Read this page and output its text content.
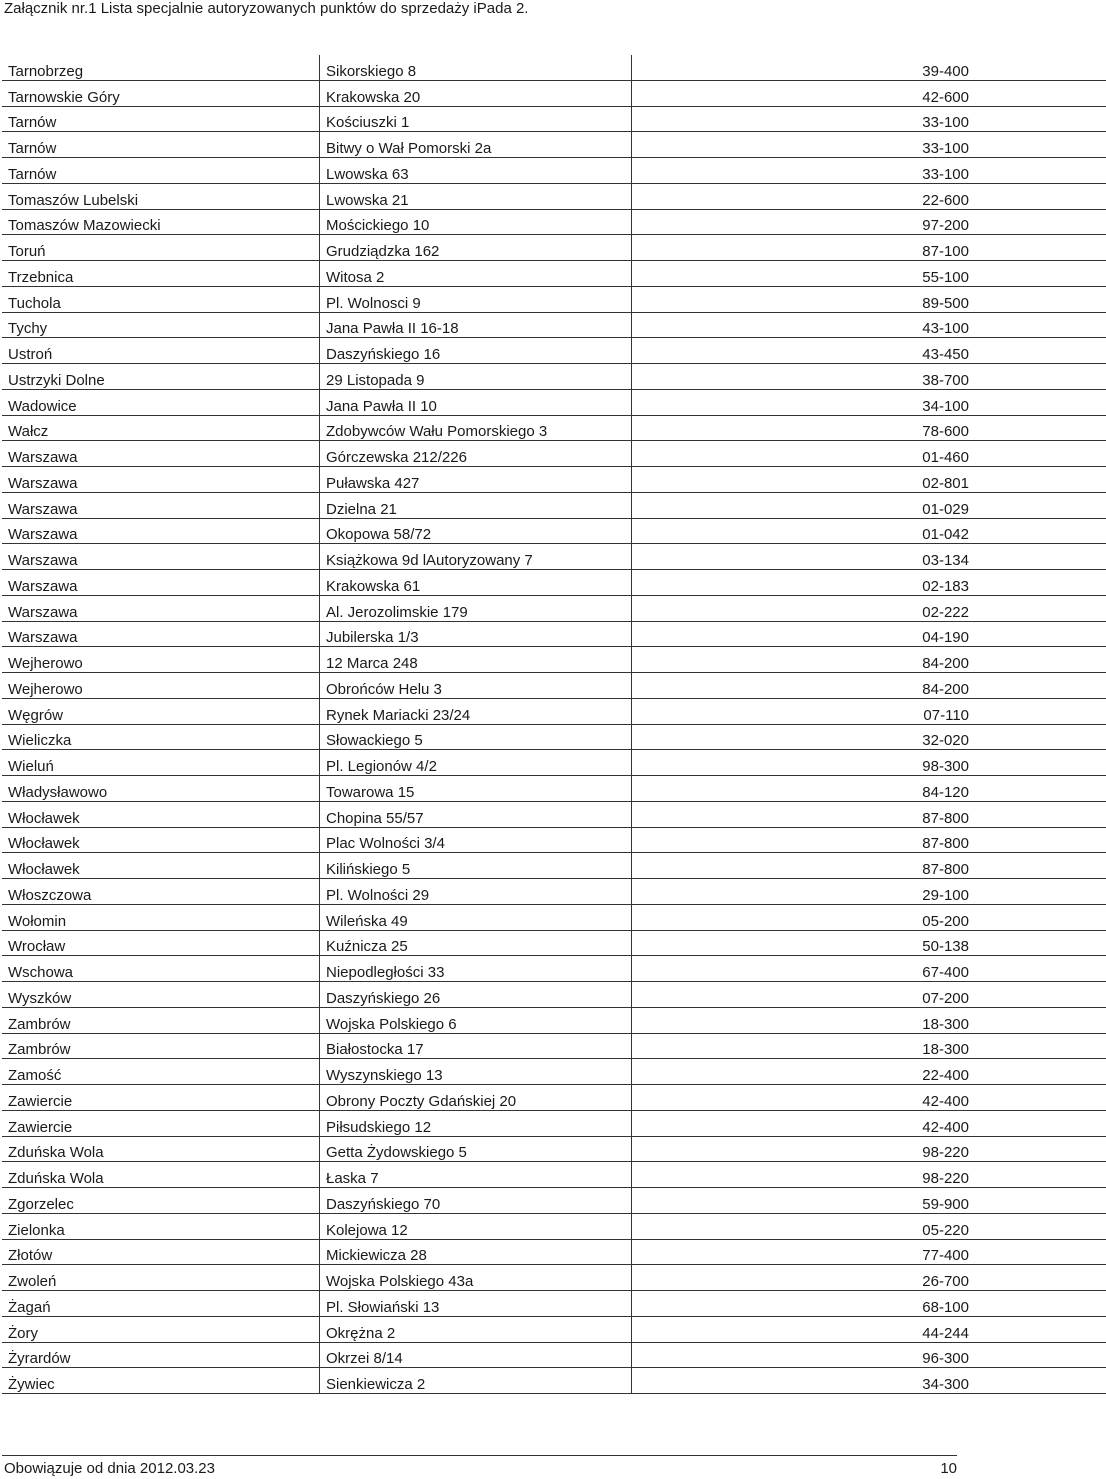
Załącznik nr.1 Lista specjalnie autoryzowanych punktów do sprzedaży iPada 2.
Tarnobrzeg	Sikorskiego 8	39-400
Tarnowskie Góry	Krakowska 20	42-600
Tarnów	Kościuszki 1	33-100
Tarnów	Bitwy o Wał Pomorski 2a	33-100
Tarnów	Lwowska 63	33-100
Tomaszów Lubelski	Lwowska 21	22-600
Tomaszów Mazowiecki	Mościckiego 10	97-200
Toruń	Grudziądzka 162	87-100
Trzebnica	Witosa 2	55-100
Tuchola	Pl. Wolnosci 9	89-500
Tychy	Jana Pawła II 16-18	43-100
Ustroń	Daszyńskiego 16	43-450
Ustrzyki Dolne	29 Listopada 9	38-700
Wadowice	Jana Pawła II 10	34-100
Wałcz	Zdobywców Wału Pomorskiego 3	78-600
Warszawa	Górczewska 212/226	01-460
Warszawa	Puławska 427	02-801
Warszawa	Dzielna 21	01-029
Warszawa	Okopowa 58/72	01-042
Warszawa	Książkowa 9d lAutoryzowany 7	03-134
Warszawa	Krakowska 61	02-183
Warszawa	Al. Jerozolimskie 179	02-222
Warszawa	Jubilerska 1/3	04-190
Wejherowo	12 Marca 248	84-200
Wejherowo	Obrońców Helu 3	84-200
Węgrów	Rynek Mariacki 23/24	07-110
Wieliczka	Słowackiego 5	32-020
Wieluń	Pl. Legionów 4/2	98-300
Władysławowo	Towarowa 15	84-120
Włocławek	Chopina 55/57	87-800
Włocławek	Plac Wolności 3/4	87-800
Włocławek	Kilińskiego 5	87-800
Włoszczowa	Pl. Wolności 29	29-100
Wołomin	Wileńska 49	05-200
Wrocław	Kuźnicza 25	50-138
Wschowa	Niepodległości 33	67-400
Wyszków	Daszyńskiego 26	07-200
Zambrów	Wojska Polskiego 6	18-300
Zambrów	Białostocka 17	18-300
Zamość	Wyszynskiego 13	22-400
Zawiercie	Obrony Poczty Gdańskiej 20	42-400
Zawiercie	Piłsudskiego 12	42-400
Zduńska Wola	Getta Żydowskiego 5	98-220
Zduńska Wola	Łaska 7	98-220
Zgorzelec	Daszyńskiego 70	59-900
Zielonka	Kolejowa 12	05-220
Złotów	Mickiewicza 28	77-400
Zwoleń	Wojska Polskiego 43a	26-700
Żagań	Pl. Słowiański 13	68-100
Żory	Okrężna 2	44-244
Żyrardów	Okrzei 8/14	96-300
Żywiec	Sienkiewicza 2	34-300
Obowiązuje od dnia 2012.03.23	10
